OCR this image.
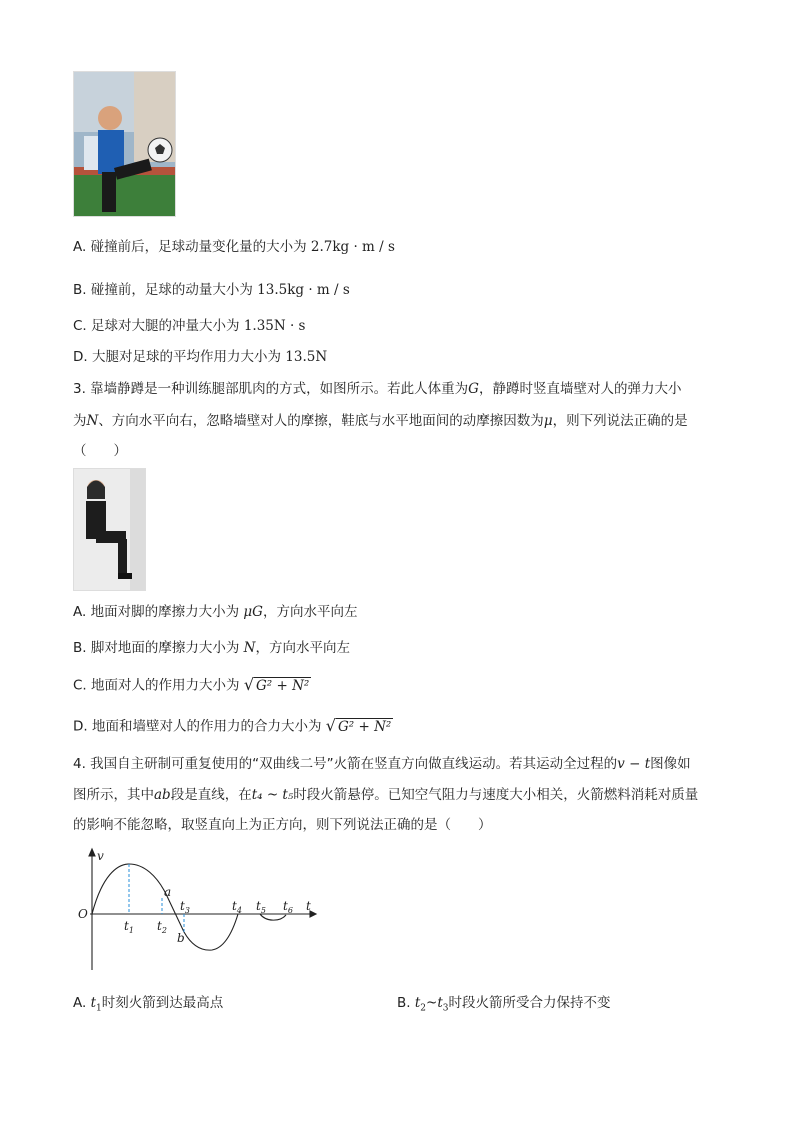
A. 碰撞前后，足球动量变化量的大小为 2.7kg · m / s
B. 碰撞前，足球的动量大小为 13.5kg · m / s
C. 足球对大腿的冲量大小为 1.35N · s
D. 大腿对足球的平均作用力大小为 13.5N
3. 靠墙静蹲是一种训练腿部肌肉的方式，如图所示。若此人体重为G，静蹲时竖直墙壁对人的弹力大小
为N、方向水平向右，忽略墙壁对人的摩擦，鞋底与水平地面间的动摩擦因数为μ，则下列说法正确的是
（　　）
A. 地面对脚的摩擦力大小为 μG，方向水平向左
B. 脚对地面的摩擦力大小为 N，方向水平向左
C. 地面对人的作用力大小为 √ G² + N²
D. 地面和墙壁对人的作用力的合力大小为 √ G² + N²
4. 我国自主研制可重复使用的“双曲线二号”火箭在竖直方向做直线运动。若其运动全过程的v − t图像如
图所示，其中ab段是直线，在t₄ ~ t₅时段火箭悬停。已知空气阻力与速度大小相关，火箭燃料消耗对质量
的影响不能忽略，取竖直向上为正方向，则下列说法正确的是（　　）
v
t
O
a
b
$t_1$ $t_2$
$t_3$	$t_4$ $t_5$ $t_6$
A. $t_1$时刻火箭到达最高点	B. $t_2\sim t_3$时段火箭所受合力保持不变
